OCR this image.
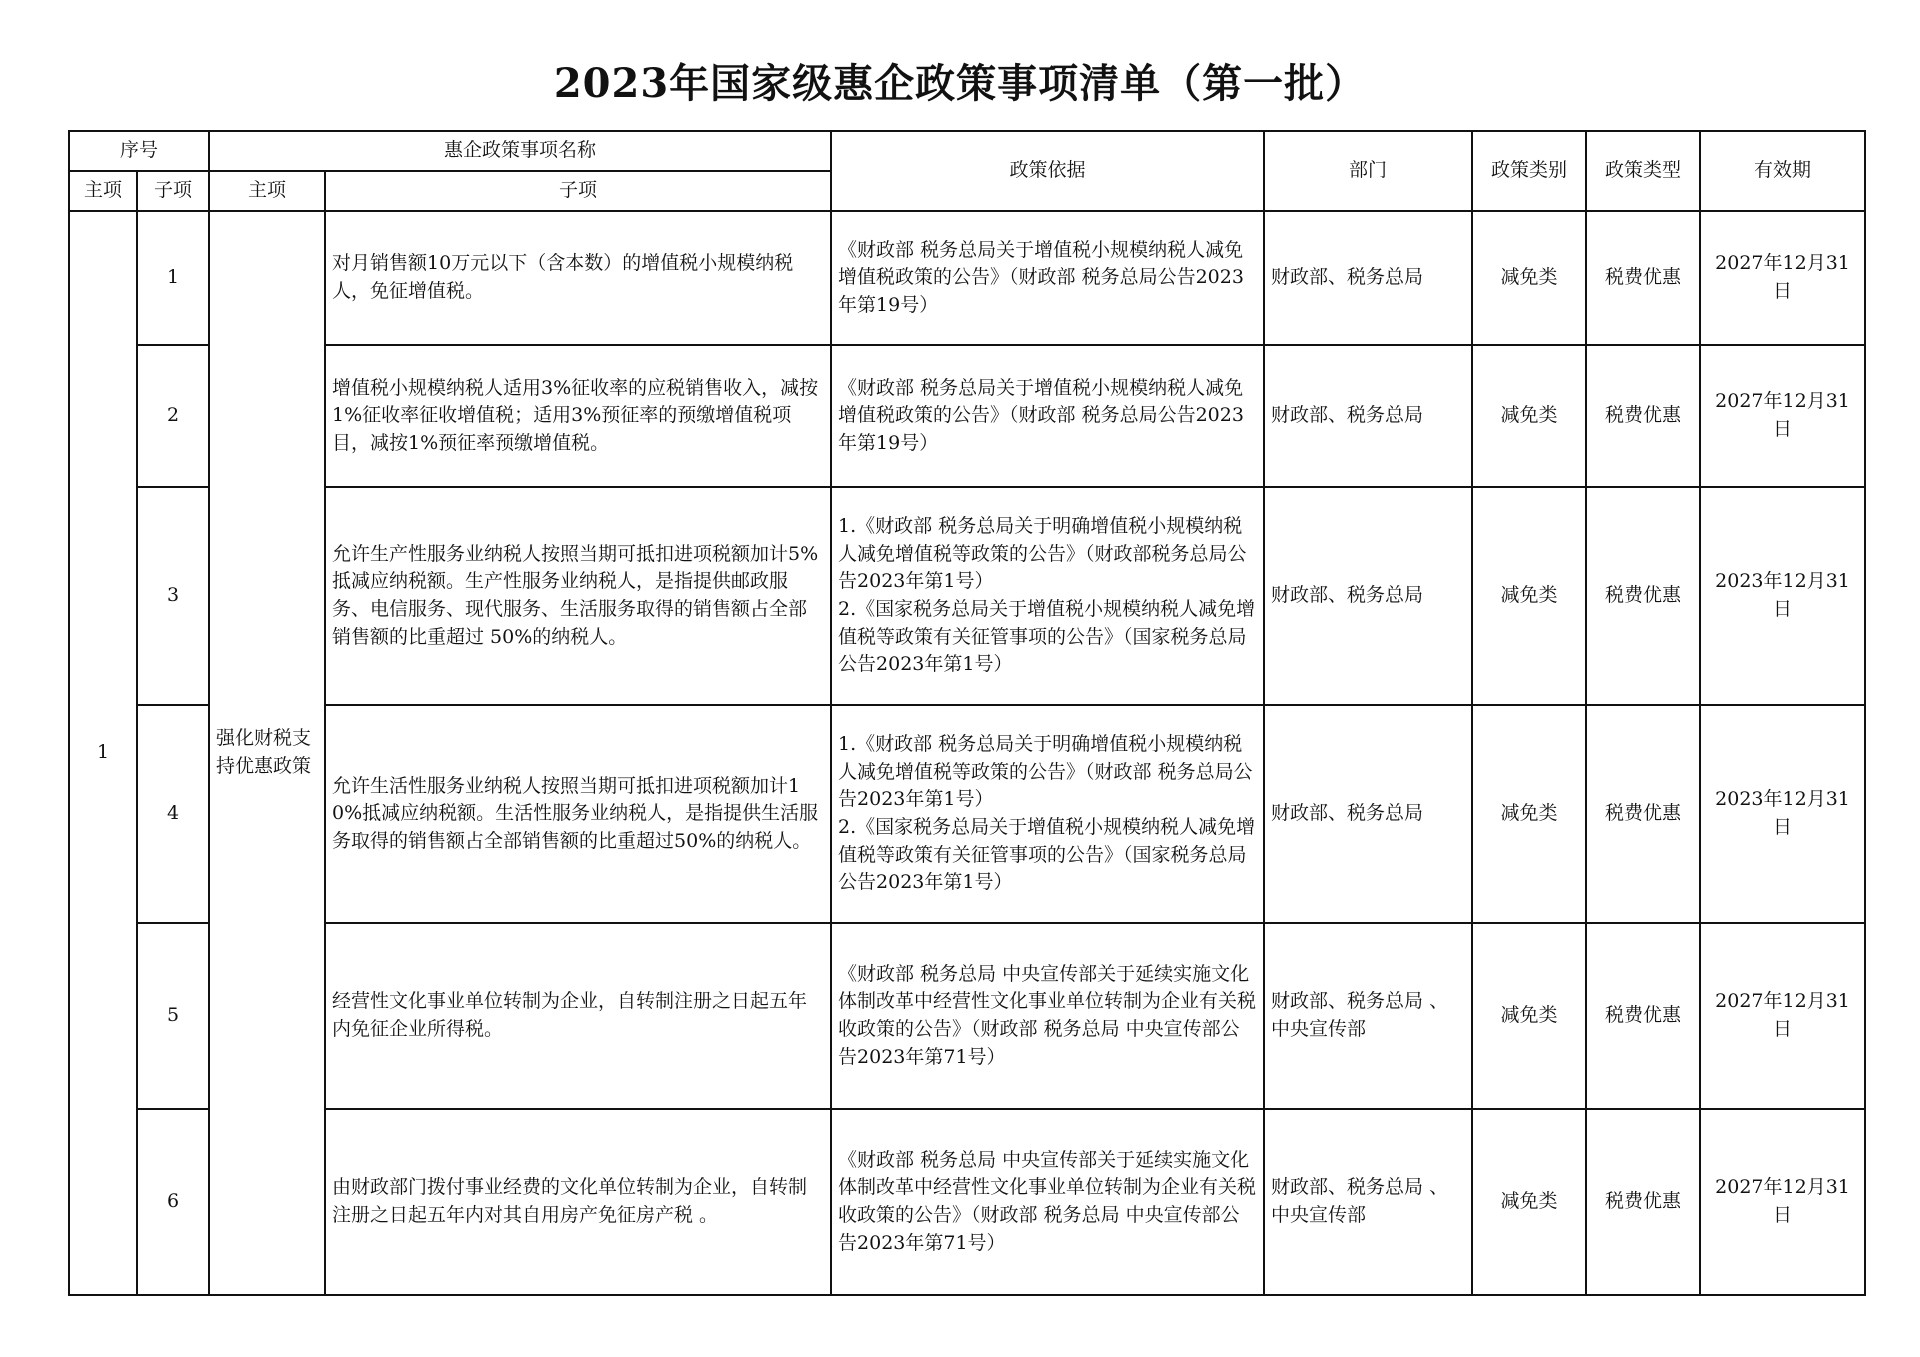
2023年国家级惠企政策事项清单（第一批）
序号		惠企政策事项名称		政策依据	部门	政策类别	政策类型	有效期
主项	子项	主项	子项					
1	1	强化财税支持优惠政策	对月销售额10万元以下（含本数）的增值税小规模纳税人，免征增值税。	《财政部 税务总局关于增值税小规模纳税人减免增值税政策的公告》（财政部 税务总局公告2023年第19号）	财政部、税务总局	减免类	税费优惠	2027年12月31日
	2		增值税小规模纳税人适用3%征收率的应税销售收入，减按1%征收率征收增值税；适用3%预征率的预缴增值税项目，减按1%预征率预缴增值税。	《财政部 税务总局关于增值税小规模纳税人减免增值税政策的公告》（财政部 税务总局公告2023年第19号）	财政部、税务总局	减免类	税费优惠	2027年12月31日
	3		允许生产性服务业纳税人按照当期可抵扣进项税额加计5%抵减应纳税额。生产性服务业纳税人，是指提供邮政服务、电信服务、现代服务、生活服务取得的销售额占全部销售额的比重超过 50%的纳税人。	1.《财政部 税务总局关于明确增值税小规模纳税人减免增值税等政策的公告》（财政部税务总局公告2023年第1号）
2.《国家税务总局关于增值税小规模纳税人减免增值税等政策有关征管事项的公告》（国家税务总局公告2023年第1号）	财政部、税务总局	减免类	税费优惠	2023年12月31日
	4		允许生活性服务业纳税人按照当期可抵扣进项税额加计10%抵减应纳税额。生活性服务业纳税人，是指提供生活服务取得的销售额占全部销售额的比重超过50%的纳税人。	1.《财政部 税务总局关于明确增值税小规模纳税人减免增值税等政策的公告》（财政部 税务总局公告2023年第1号）
2.《国家税务总局关于增值税小规模纳税人减免增值税等政策有关征管事项的公告》（国家税务总局公告2023年第1号）	财政部、税务总局	减免类	税费优惠	2023年12月31日
	5		经营性文化事业单位转制为企业，自转制注册之日起五年内免征企业所得税。	《财政部 税务总局 中央宣传部关于延续实施文化体制改革中经营性文化事业单位转制为企业有关税收政策的公告》（财政部 税务总局 中央宣传部公告2023年第71号）	财政部、税务总局 、中央宣传部	减免类	税费优惠	2027年12月31日
	6		由财政部门拨付事业经费的文化单位转制为企业，自转制注册之日起五年内对其自用房产免征房产税 。	《财政部 税务总局 中央宣传部关于延续实施文化体制改革中经营性文化事业单位转制为企业有关税收政策的公告》（财政部 税务总局 中央宣传部公告2023年第71号）	财政部、税务总局 、中央宣传部	减免类	税费优惠	2027年12月31日
